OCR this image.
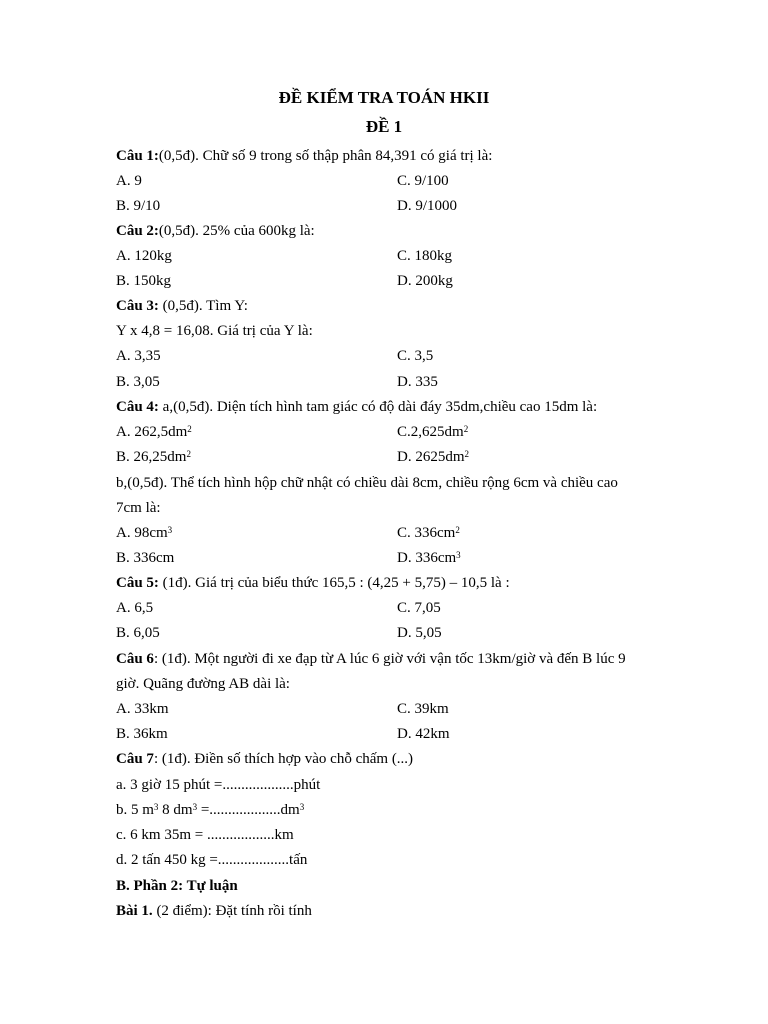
ĐỀ KIỂM TRA TOÁN HKII
ĐỀ 1
Câu 1:(0,5đ). Chữ số 9 trong số thập phân 84,391 có giá trị là:
A. 9	C. 9/100
B. 9/10	D. 9/1000
Câu 2:(0,5đ). 25% của 600kg là:
A. 120kg	C. 180kg
B. 150kg	D. 200kg
Câu 3: (0,5đ). Tìm Y:
Y x 4,8 = 16,08. Giá trị của Y là:
A. 3,35	C. 3,5
B. 3,05	D. 335
Câu 4: a,(0,5đ). Diện tích hình tam giác có độ dài đáy 35dm,chiều cao 15dm là:
A. $262,5dm^2$	$C.2,625dm^2$
B. $26,25dm^2$	D. $2625dm^2$
b,(0,5đ). Thể tích hình hộp chữ nhật có chiều dài 8cm, chiều rộng 6cm và chiều cao
7cm là:
A. $98cm^3$	C. $336cm^2$
B. 336cm	D. $336cm^3$
Câu 5: (1đ). Giá trị của biểu thức 165,5 : (4,25 + 5,75) – 10,5 là :
A. 6,5	C. 7,05
B. 6,05	D. 5,05
Câu 6: (1đ). Một người đi xe đạp từ A lúc 6 giờ với vận tốc 13km/giờ và đến B lúc 9
giờ. Quãng đường AB dài là:
A. 33km	C. 39km
B. 36km	D. 42km
Câu 7: (1đ). Điền số thích hợp vào chỗ chấm (...)
a. 3 giờ 15 phút =...................phút
b. 5 $m^3$ 8 $dm^3 =...................dm^3$
c. 6 km 35m = ..................km
d. 2 tấn 450 kg =...................tấn
B. Phần 2: Tự luận
Bài 1. (2 điểm): Đặt tính rồi tính
